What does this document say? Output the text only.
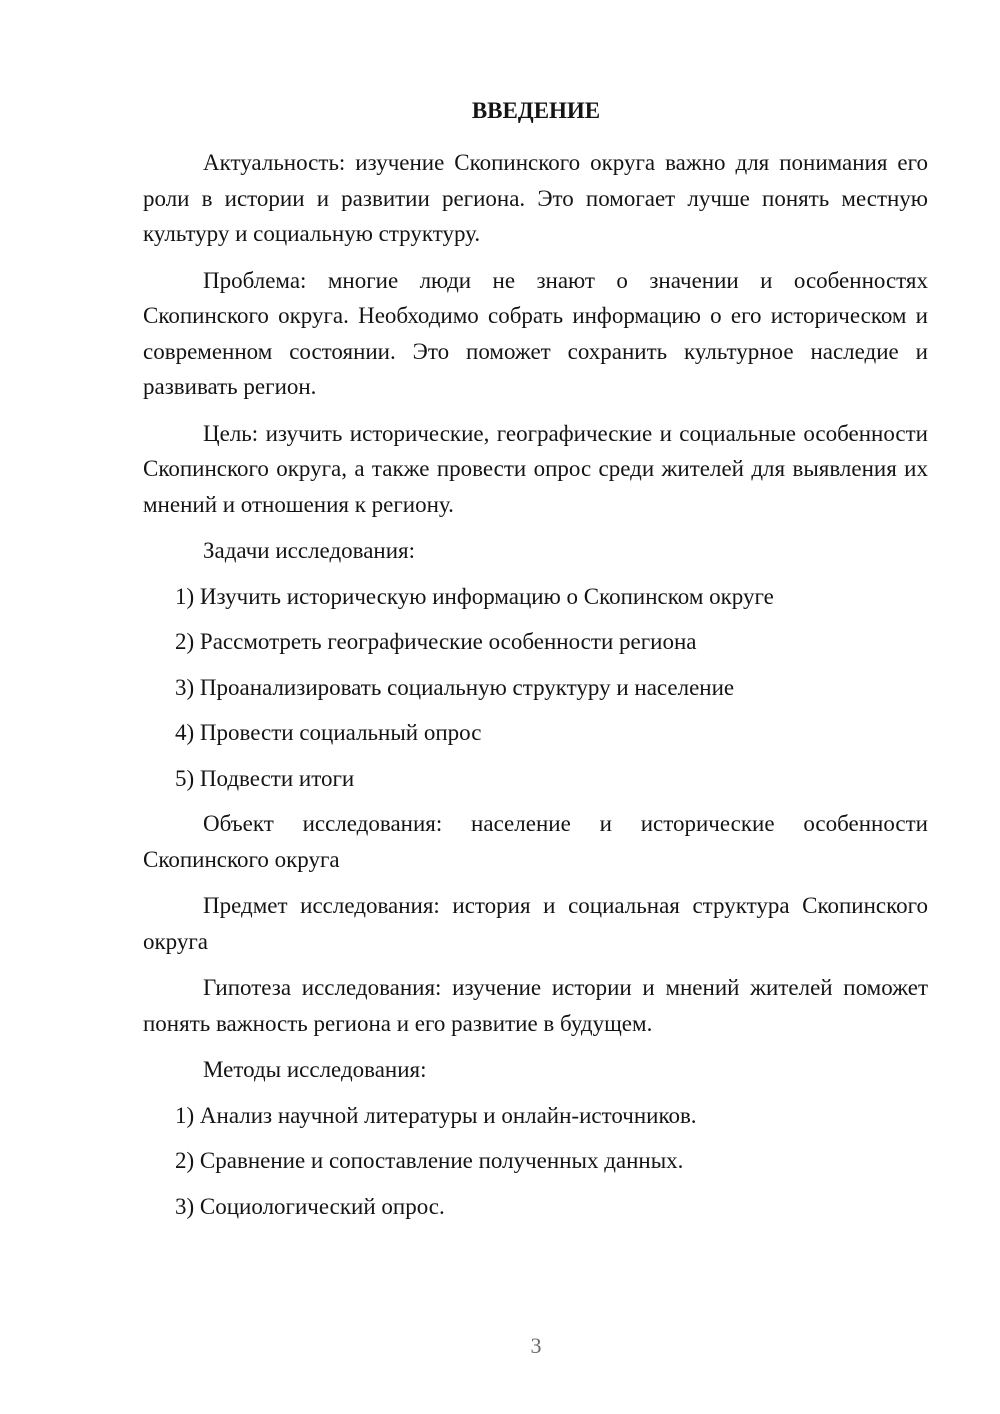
ВВЕДЕНИЕ

Актуальность: изучение Скопинского округа важно для понимания его роли в истории и развитии региона. Это помогает лучше понять местную культуру и социальную структуру.

Проблема: многие люди не знают о значении и особенностях Скопинского округа. Необходимо собрать информацию о его историческом и современном состоянии. Это поможет сохранить культурное наследие и развивать регион.

Цель: изучить исторические, географические и социальные особенности Скопинского округа, а также провести опрос среди жителей для выявления их мнений и отношения к региону.

Задачи исследования:

1) Изучить историческую информацию о Скопинском округе

2) Рассмотреть географические особенности региона

3) Проанализировать социальную структуру и население

4) Провести социальный опрос

5) Подвести итоги

Объект исследования: население и исторические особенности Скопинского округа

Предмет исследования: история и социальная структура Скопинского округа

Гипотеза исследования: изучение истории и мнений жителей поможет понять важность региона и его развитие в будущем.

Методы исследования:

1) Анализ научной литературы и онлайн-источников.

2) Сравнение и сопоставление полученных данных.

3) Социологический опрос.

3
